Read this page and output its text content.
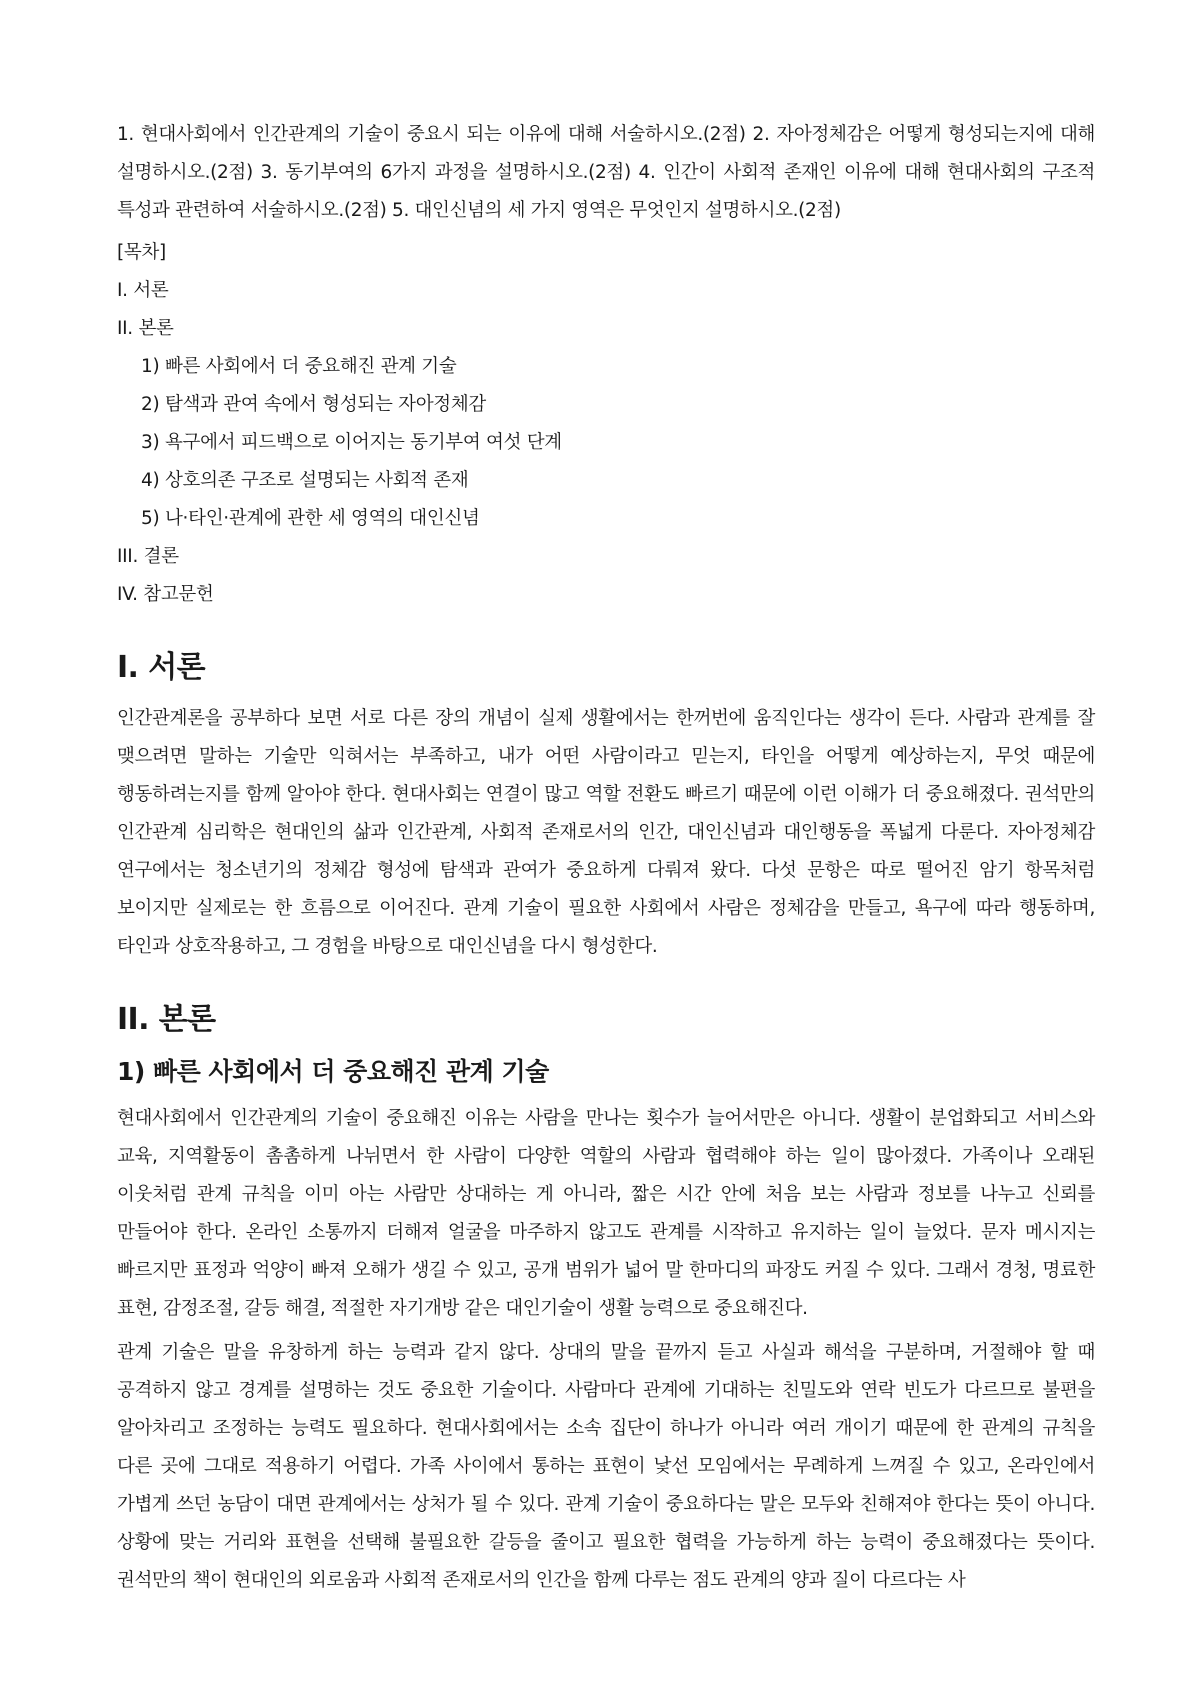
1. 현대사회에서 인간관계의 기술이 중요시 되는 이유에 대해 서술하시오.(2점) 2. 자아정체감은 어떻게 형성되는지에 대해 설명하시오.(2점) 3. 동기부여의 6가지 과정을 설명하시오.(2점) 4. 인간이 사회적 존재인 이유에 대해 현대사회의 구조적 특성과 관련하여 서술하시오.(2점) 5. 대인신념의 세 가지 영역은 무엇인지 설명하시오.(2점)

[목차]
I. 서론
II. 본론
1) 빠른 사회에서 더 중요해진 관계 기술
2) 탐색과 관여 속에서 형성되는 자아정체감
3) 욕구에서 피드백으로 이어지는 동기부여 여섯 단계
4) 상호의존 구조로 설명되는 사회적 존재
5) 나·타인·관계에 관한 세 영역의 대인신념
III. 결론
IV. 참고문헌
I. 서론

인간관계론을 공부하다 보면 서로 다른 장의 개념이 실제 생활에서는 한꺼번에 움직인다는 생각이 든다. 사람과 관계를 잘 맺으려면 말하는 기술만 익혀서는 부족하고, 내가 어떤 사람이라고 믿는지, 타인을 어떻게 예상하는지, 무엇 때문에 행동하려는지를 함께 알아야 한다. 현대사회는 연결이 많고 역할 전환도 빠르기 때문에 이런 이해가 더 중요해졌다. 권석만의 인간관계 심리학은 현대인의 삶과 인간관계, 사회적 존재로서의 인간, 대인신념과 대인행동을 폭넓게 다룬다. 자아정체감 연구에서는 청소년기의 정체감 형성에 탐색과 관여가 중요하게 다뤄져 왔다. 다섯 문항은 따로 떨어진 암기 항목처럼 보이지만 실제로는 한 흐름으로 이어진다. 관계 기술이 필요한 사회에서 사람은 정체감을 만들고, 욕구에 따라 행동하며, 타인과 상호작용하고, 그 경험을 바탕으로 대인신념을 다시 형성한다.

II. 본론
1) 빠른 사회에서 더 중요해진 관계 기술

현대사회에서 인간관계의 기술이 중요해진 이유는 사람을 만나는 횟수가 늘어서만은 아니다. 생활이 분업화되고 서비스와 교육, 지역활동이 촘촘하게 나뉘면서 한 사람이 다양한 역할의 사람과 협력해야 하는 일이 많아졌다. 가족이나 오래된 이웃처럼 관계 규칙을 이미 아는 사람만 상대하는 게 아니라, 짧은 시간 안에 처음 보는 사람과 정보를 나누고 신뢰를 만들어야 한다. 온라인 소통까지 더해져 얼굴을 마주하지 않고도 관계를 시작하고 유지하는 일이 늘었다. 문자 메시지는 빠르지만 표정과 억양이 빠져 오해가 생길 수 있고, 공개 범위가 넓어 말 한마디의 파장도 커질 수 있다. 그래서 경청, 명료한 표현, 감정조절, 갈등 해결, 적절한 자기개방 같은 대인기술이 생활 능력으로 중요해진다.

관계 기술은 말을 유창하게 하는 능력과 같지 않다. 상대의 말을 끝까지 듣고 사실과 해석을 구분하며, 거절해야 할 때 공격하지 않고 경계를 설명하는 것도 중요한 기술이다. 사람마다 관계에 기대하는 친밀도와 연락 빈도가 다르므로 불편을 알아차리고 조정하는 능력도 필요하다. 현대사회에서는 소속 집단이 하나가 아니라 여러 개이기 때문에 한 관계의 규칙을 다른 곳에 그대로 적용하기 어렵다. 가족 사이에서 통하는 표현이 낯선 모임에서는 무례하게 느껴질 수 있고, 온라인에서 가볍게 쓰던 농담이 대면 관계에서는 상처가 될 수 있다. 관계 기술이 중요하다는 말은 모두와 친해져야 한다는 뜻이 아니다. 상황에 맞는 거리와 표현을 선택해 불필요한 갈등을 줄이고 필요한 협력을 가능하게 하는 능력이 중요해졌다는 뜻이다. 권석만의 책이 현대인의 외로움과 사회적 존재로서의 인간을 함께 다루는 점도 관계의 양과 질이 다르다는 사
